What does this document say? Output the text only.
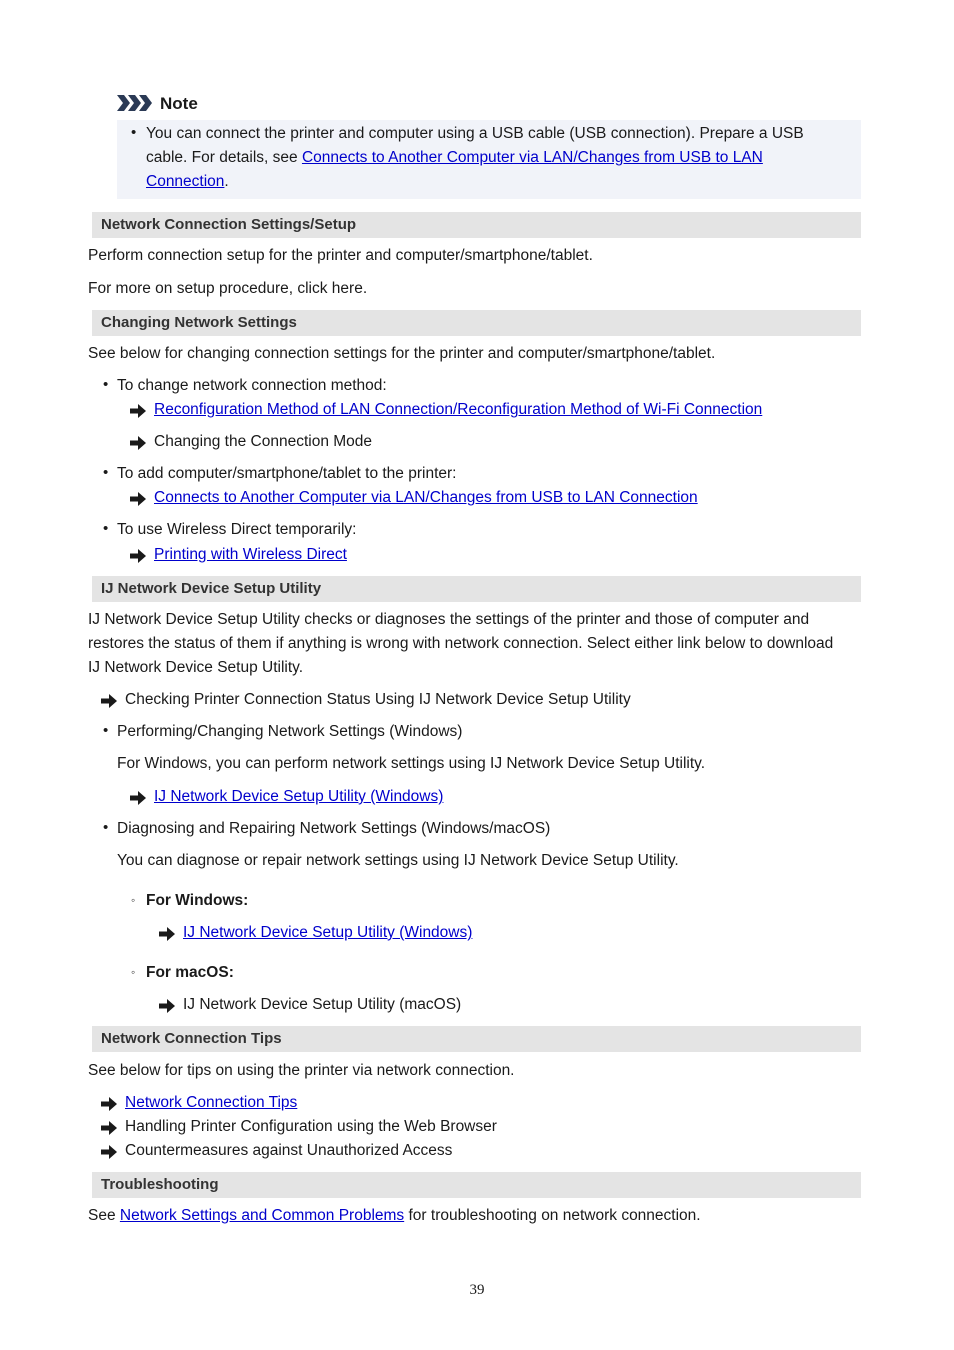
Note
• You can connect the printer and computer using a USB cable (USB connection). Prepare a USB
cable. For details, see Connects to Another Computer via LAN/Changes from USB to LAN
Connection.
Network Connection Settings/Setup
Perform connection setup for the printer and computer/smartphone/tablet.
For more on setup procedure, click here.
Changing Network Settings
See below for changing connection settings for the printer and computer/smartphone/tablet.
• To change network connection method:
Reconfiguration Method of LAN Connection/Reconfiguration Method of Wi-Fi Connection
Changing the Connection Mode
• To add computer/smartphone/tablet to the printer:
Connects to Another Computer via LAN/Changes from USB to LAN Connection
• To use Wireless Direct temporarily:
Printing with Wireless Direct
IJ Network Device Setup Utility
IJ Network Device Setup Utility checks or diagnoses the settings of the printer and those of computer and
restores the status of them if anything is wrong with network connection. Select either link below to download
IJ Network Device Setup Utility.
Checking Printer Connection Status Using IJ Network Device Setup Utility
• Performing/Changing Network Settings (Windows)
For Windows, you can perform network settings using IJ Network Device Setup Utility.
IJ Network Device Setup Utility (Windows)
• Diagnosing and Repairing Network Settings (Windows/macOS)
You can diagnose or repair network settings using IJ Network Device Setup Utility.
◦ For Windows:
IJ Network Device Setup Utility (Windows)
◦ For macOS:
IJ Network Device Setup Utility (macOS)
Network Connection Tips
See below for tips on using the printer via network connection.
Network Connection Tips
Handling Printer Configuration using the Web Browser
Countermeasures against Unauthorized Access
Troubleshooting
See Network Settings and Common Problems for troubleshooting on network connection.
39
